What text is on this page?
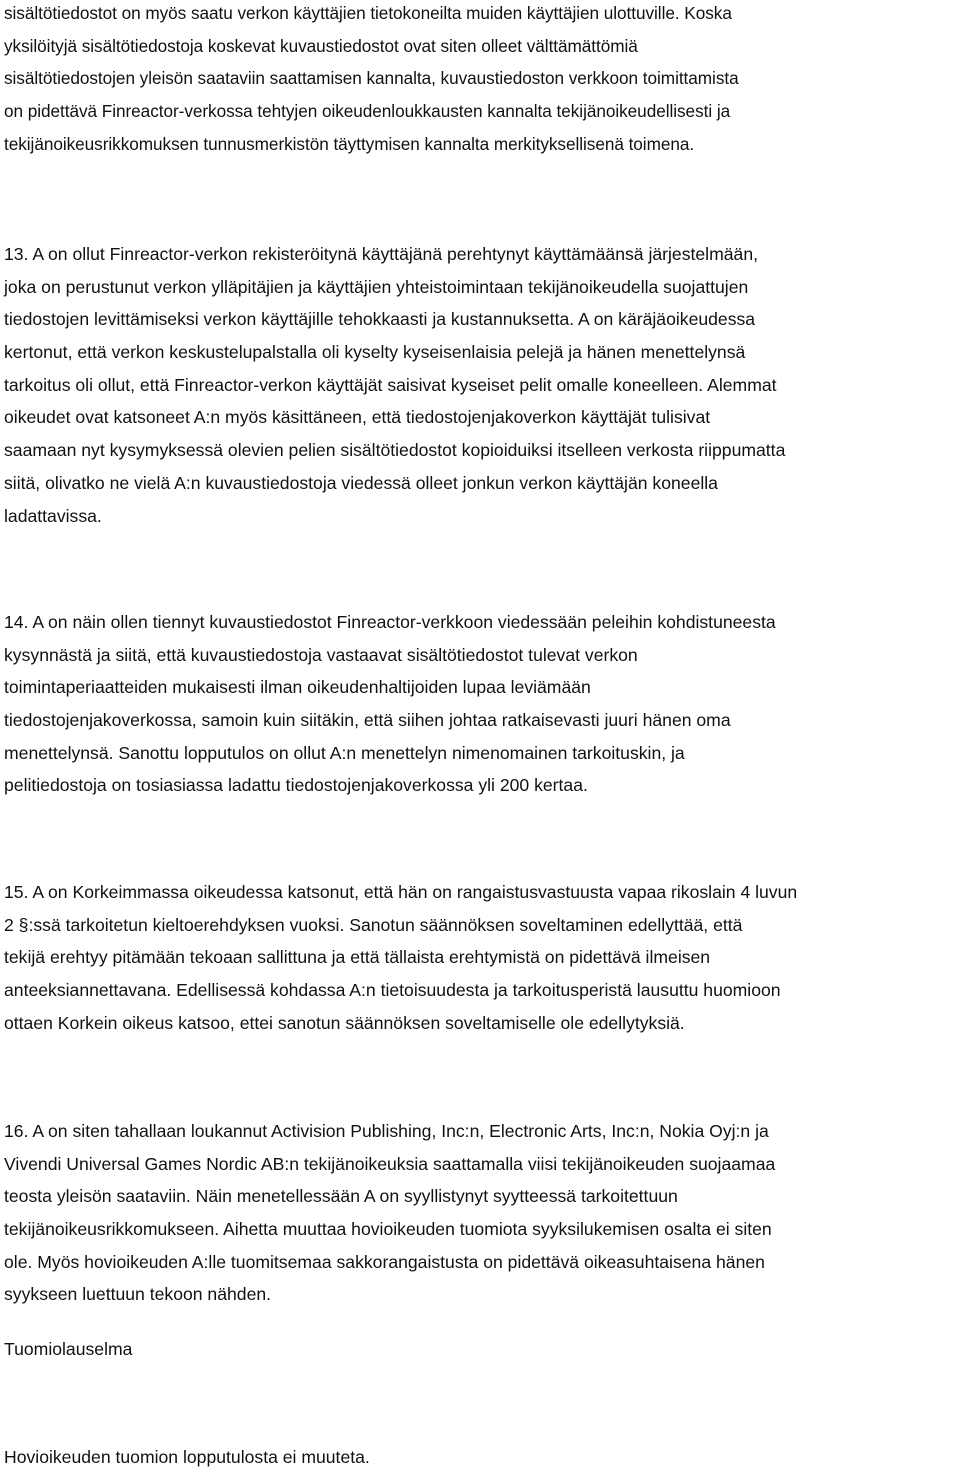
sisältötiedostot on myös saatu verkon käyttäjien tietokoneilta muiden käyttäjien ulottuville. Koska
yksilöityjä sisältötiedostoja koskevat kuvaustiedostot ovat siten olleet välttämättömiä
sisältötiedostojen yleisön saataviin saattamisen kannalta, kuvaustiedoston verkkoon toimittamista
on pidettävä Finreactor-verkossa tehtyjen oikeudenloukkausten kannalta tekijänoikeudellisesti ja
tekijänoikeusrikkomuksen tunnusmerkistön täyttymisen kannalta merkityksellisenä toimena.
13. A on ollut Finreactor-verkon rekisteröitynä käyttäjänä perehtynyt käyttämäänsä järjestelmään,
joka on perustunut verkon ylläpitäjien ja käyttäjien yhteistoimintaan tekijänoikeudella suojattujen
tiedostojen levittämiseksi verkon käyttäjille tehokkaasti ja kustannuksetta. A on käräjäoikeudessa
kertonut, että verkon keskustelupalstalla oli kyselty kyseisenlaisia pelejä ja hänen menettelynsä
tarkoitus oli ollut, että Finreactor-verkon käyttäjät saisivat kyseiset pelit omalle koneelleen. Alemmat
oikeudet ovat katsoneet A:n myös käsittäneen, että tiedostojenjakoverkon käyttäjät tulisivat
saamaan nyt kysymyksessä olevien pelien sisältötiedostot kopioiduiksi itselleen verkosta riippumatta
siitä, olivatko ne vielä A:n kuvaustiedostoja viedessä olleet jonkun verkon käyttäjän koneella
ladattavissa.
14. A on näin ollen tiennyt kuvaustiedostot Finreactor-verkkoon viedessään peleihin kohdistuneesta
kysynnästä ja siitä, että kuvaustiedostoja vastaavat sisältötiedostot tulevat verkon
toimintaperiaatteiden mukaisesti ilman oikeudenhaltijoiden lupaa leviämään
tiedostojenjakoverkossa, samoin kuin siitäkin, että siihen johtaa ratkaisevasti juuri hänen oma
menettelynsä. Sanottu lopputulos on ollut A:n menettelyn nimenomainen tarkoituskin, ja
pelitiedostoja on tosiasiassa ladattu tiedostojenjakoverkossa yli 200 kertaa.
15. A on Korkeimmassa oikeudessa katsonut, että hän on rangaistusvastuusta vapaa rikoslain 4 luvun
2 §:ssä tarkoitetun kieltoerehdyksen vuoksi. Sanotun säännöksen soveltaminen edellyttää, että
tekijä erehtyy pitämään tekoaan sallittuna ja että tällaista erehtymistä on pidettävä ilmeisen
anteeksiannettavana. Edellisessä kohdassa A:n tietoisuudesta ja tarkoitusperistä lausuttu huomioon
ottaen Korkein oikeus katsoo, ettei sanotun säännöksen soveltamiselle ole edellytyksiä.
16. A on siten tahallaan loukannut Activision Publishing, Inc:n, Electronic Arts, Inc:n, Nokia Oyj:n ja
Vivendi Universal Games Nordic AB:n tekijänoikeuksia saattamalla viisi tekijänoikeuden suojaamaa
teosta yleisön saataviin. Näin menetellessään A on syyllistynyt syytteessä tarkoitettuun
tekijänoikeusrikkomukseen. Aihetta muuttaa hovioikeuden tuomiota syyksilukemisen osalta ei siten
ole. Myös hovioikeuden A:lle tuomitsemaa sakkorangaistusta on pidettävä oikeasuhtaisena hänen
syykseen luettuun tekoon nähden.
Tuomiolauselma
Hovioikeuden tuomion lopputulosta ei muuteta.
